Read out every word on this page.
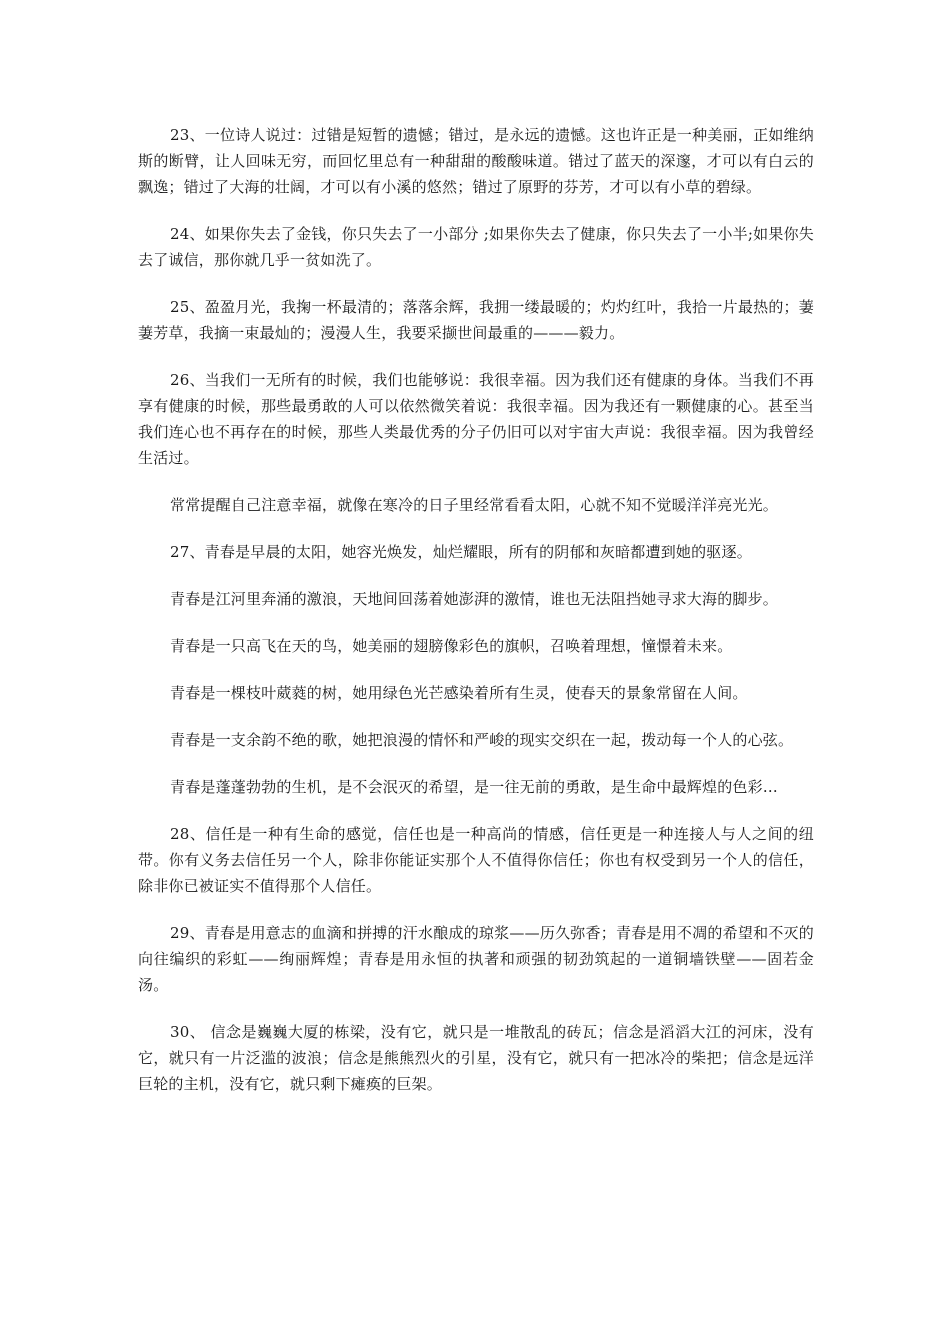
23、一位诗人说过：过错是短暂的遗憾；错过，是永远的遗憾。这也许正是一种美丽，正如维纳斯的断臂，让人回味无穷，而回忆里总有一种甜甜的酸酸味道。错过了蓝天的深邃，才可以有白云的飘逸；错过了大海的壮阔，才可以有小溪的悠然；错过了原野的芬芳，才可以有小草的碧绿。

24、如果你失去了金钱，你只失去了一小部分 ;如果你失去了健康，你只失去了一小半;如果你失去了诚信，那你就几乎一贫如洗了。

25、盈盈月光，我掬一杯最清的；落落余辉，我拥一缕最暖的；灼灼红叶，我拾一片最热的；萋萋芳草，我摘一束最灿的；漫漫人生，我要采撷世间最重的———毅力。

26、当我们一无所有的时候，我们也能够说：我很幸福。因为我们还有健康的身体。当我们不再享有健康的时候，那些最勇敢的人可以依然微笑着说：我很幸福。因为我还有一颗健康的心。甚至当我们连心也不再存在的时候，那些人类最优秀的分子仍旧可以对宇宙大声说：我很幸福。因为我曾经生活过。

常常提醒自己注意幸福，就像在寒冷的日子里经常看看太阳，心就不知不觉暖洋洋亮光光。

27、青春是早晨的太阳，她容光焕发，灿烂耀眼，所有的阴郁和灰暗都遭到她的驱逐。

青春是江河里奔涌的激浪，天地间回荡着她澎湃的激情，谁也无法阻挡她寻求大海的脚步。

青春是一只高飞在天的鸟，她美丽的翅膀像彩色的旗帜，召唤着理想，憧憬着未来。

青春是一棵枝叶葳蕤的树，她用绿色光芒感染着所有生灵，使春天的景象常留在人间。

青春是一支余韵不绝的歌，她把浪漫的情怀和严峻的现实交织在一起，拨动每一个人的心弦。

青春是蓬蓬勃勃的生机，是不会泯灭的希望，是一往无前的勇敢，是生命中最辉煌的色彩…

28、信任是一种有生命的感觉，信任也是一种高尚的情感，信任更是一种连接人与人之间的纽带。你有义务去信任另一个人，除非你能证实那个人不值得你信任；你也有权受到另一个人的信任，除非你已被证实不值得那个人信任。

29、青春是用意志的血滴和拼搏的汗水酿成的琼浆——历久弥香；青春是用不凋的希望和不灭的向往编织的彩虹——绚丽辉煌；青春是用永恒的执著和顽强的韧劲筑起的一道铜墙铁壁——固若金汤。

30、 信念是巍巍大厦的栋梁，没有它，就只是一堆散乱的砖瓦；信念是滔滔大江的河床，没有它，就只有一片泛滥的波浪；信念是熊熊烈火的引星，没有它，就只有一把冰冷的柴把；信念是远洋巨轮的主机，没有它，就只剩下瘫痪的巨架。
